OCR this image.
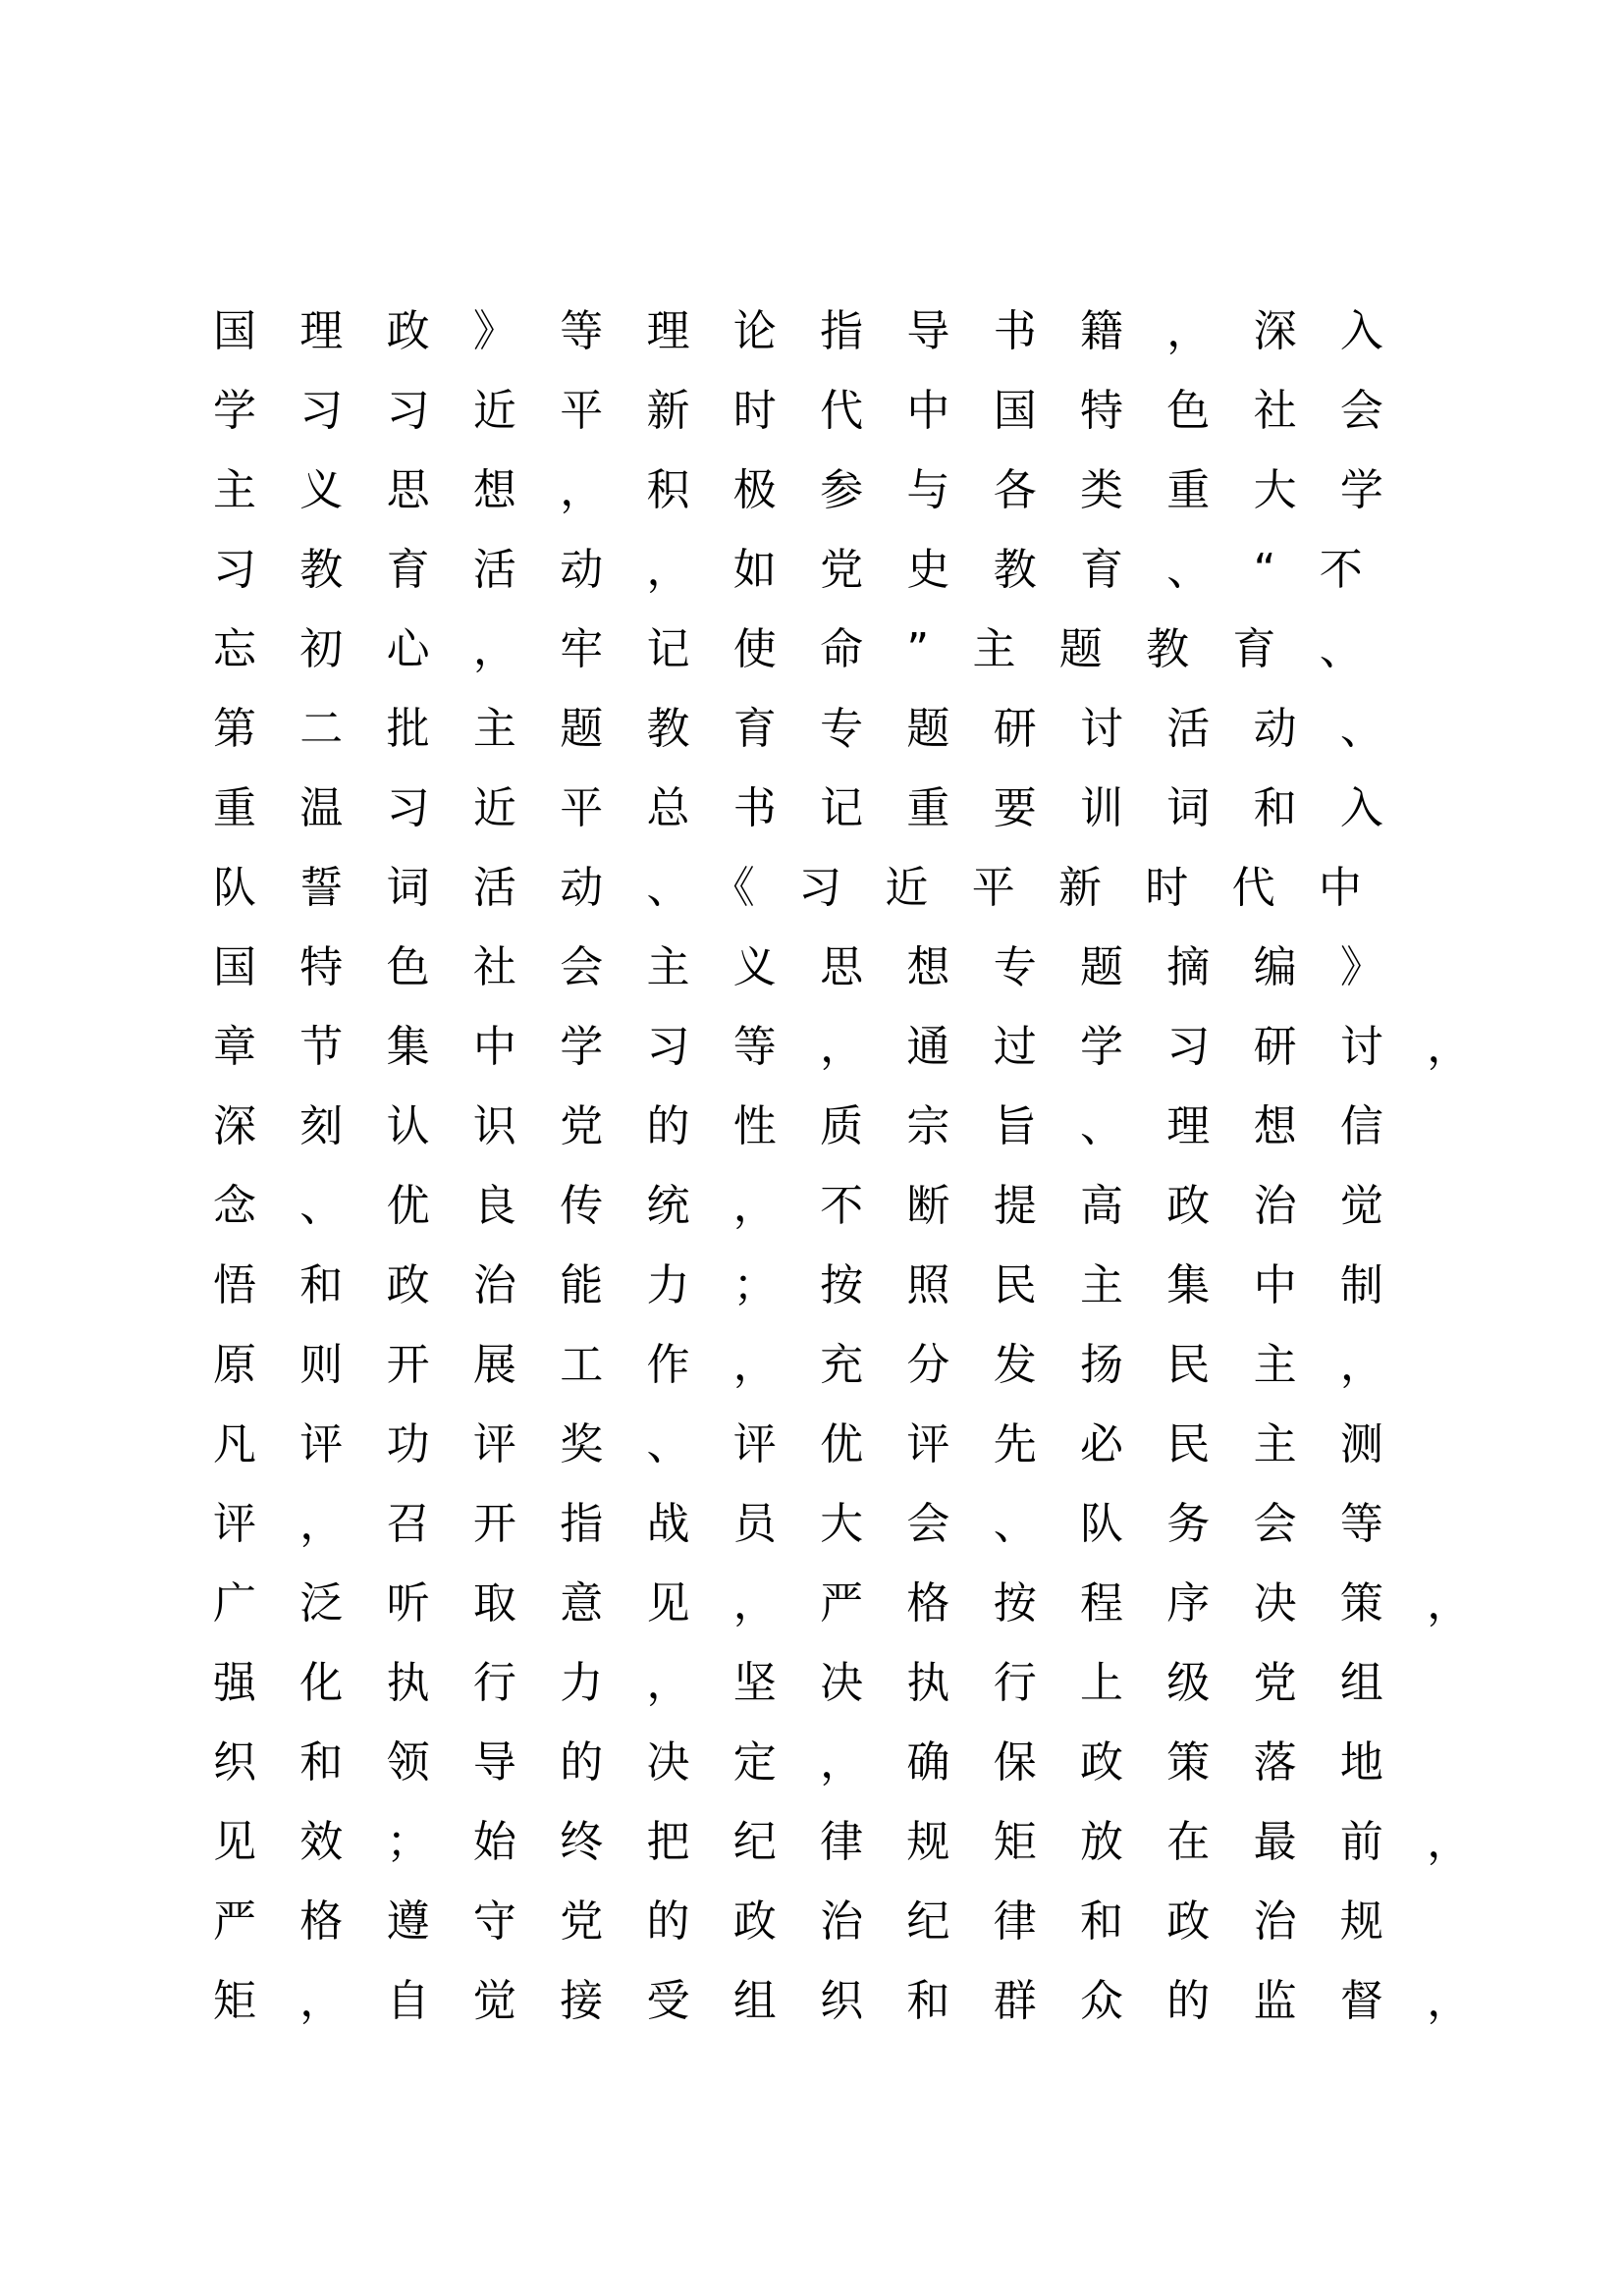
国理政》等理论指导书籍，深入
学习习近平新时代中国特色社会
主义思想，积极参与各类重大学
习教育活动，如党史教育、“不
忘初心，牢记使命”主题教育、
第二批主题教育专题研讨活动、
重温习近平总书记重要训词和入
队誓词活动、《习近平新时代中
国特色社会主义思想专题摘编》
章节集中学习等，通过学习研讨，
深刻认识党的性质宗旨、理想信
念、优良传统，不断提高政治觉
悟和政治能力；按照民主集中制
原则开展工作，充分发扬民主，
凡评功评奖、评优评先必民主测
评，召开指战员大会、队务会等
广泛听取意见，严格按程序决策，
强化执行力，坚决执行上级党组
织和领导的决定，确保政策落地
见效；始终把纪律规矩放在最前，
严格遵守党的政治纪律和政治规
矩，自觉接受组织和群众的监督，
